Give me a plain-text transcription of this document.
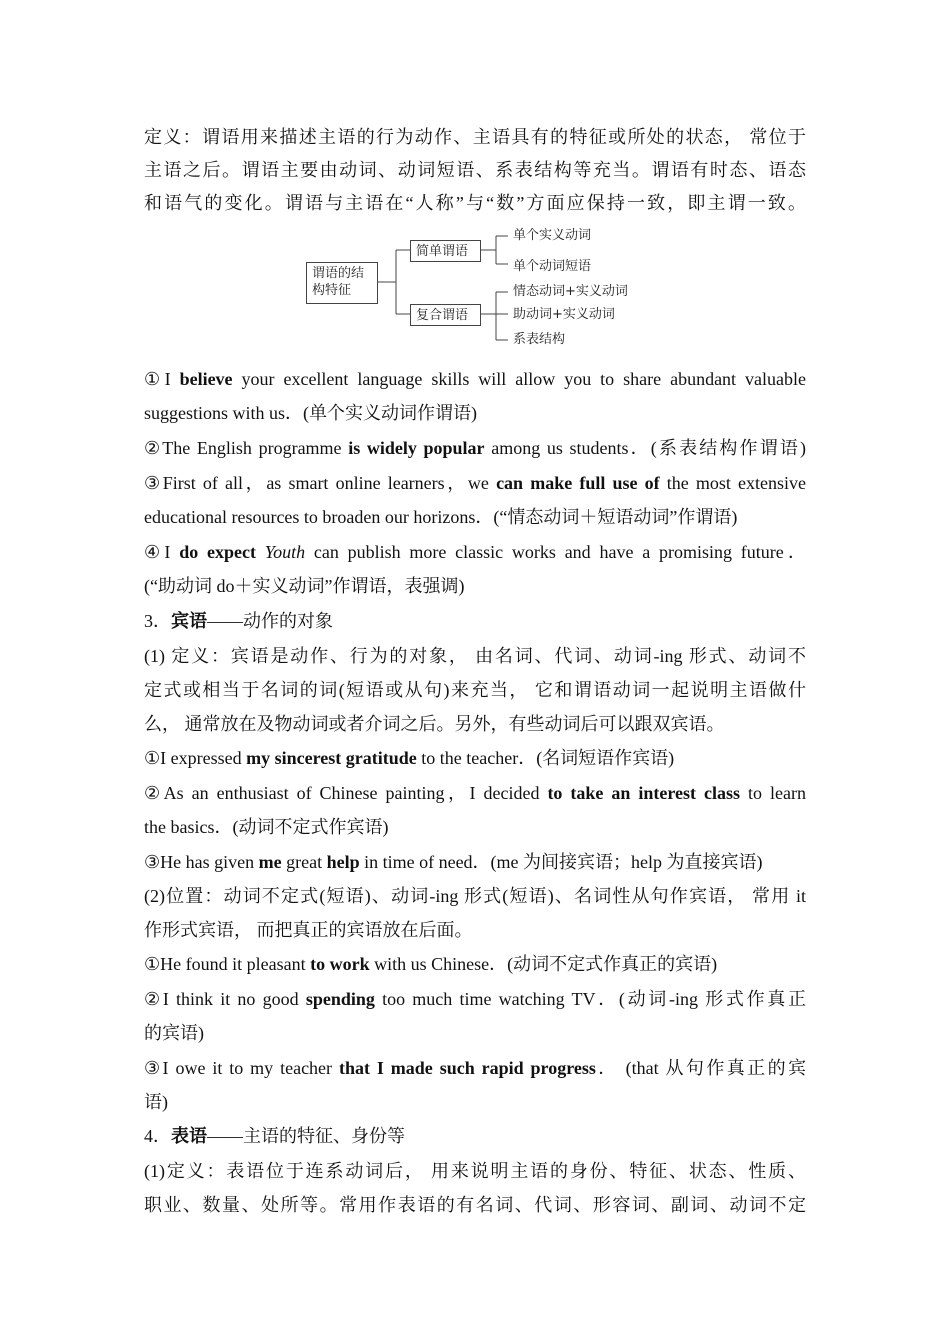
定义：谓语用来描述主语的行为动作、主语具有的特征或所处的状态， 常位于
主语之后。谓语主要由动词、动词短语、系表结构等充当。谓语有时态、语态
和语气的变化。谓语与主语在“人称”与“数”方面应保持一致，即主谓一致。
谓语的结
构特征
简单谓语
复合谓语
单个实义动词
单个动词短语
情态动词+实义动词
助动词+实义动词
系表结构
①I believe your excellent language skills will allow you to share abundant valuable
suggestions with us．(单个实义动词作谓语)
②The English programme is widely popular among us students．(系表结构作谓语)
③First of all，as smart online learners，we can make full use of the most extensive
educational resources to broaden our horizons．(“情态动词＋短语动词”作谓语)
④I do expect Youth can publish more classic works and have a promising future．
(“助动词 do＋实义动词”作谓语，表强调)
3．宾语——动作的对象
(1) 定义：宾语是动作、行为的对象， 由名词、代词、动词-ing 形式、动词不
定式或相当于名词的词(短语或从句)来充当， 它和谓语动词一起说明主语做什
么， 通常放在及物动词或者介词之后。另外，有些动词后可以跟双宾语。
①I expressed my sincerest gratitude to the teacher．(名词短语作宾语)
②As an enthusiast of Chinese painting，I decided to take an interest class to learn
the basics．(动词不定式作宾语)
③He has given me great help in time of need．(me 为间接宾语；help 为直接宾语)
(2)位置：动词不定式(短语)、动词-ing 形式(短语)、名词性从句作宾语， 常用 it
作形式宾语， 而把真正的宾语放在后面。
①He found it pleasant to work with us Chinese．(动词不定式作真正的宾语)
②I think it no good spending too much time watching TV．(动词-ing 形式作真正
的宾语)
③I owe it to my teacher that I made such rapid progress． (that 从句作真正的宾
语)
4．表语——主语的特征、身份等
(1)定义：表语位于连系动词后， 用来说明主语的身份、特征、状态、性质、
职业、数量、处所等。常用作表语的有名词、代词、形容词、副词、动词不定
